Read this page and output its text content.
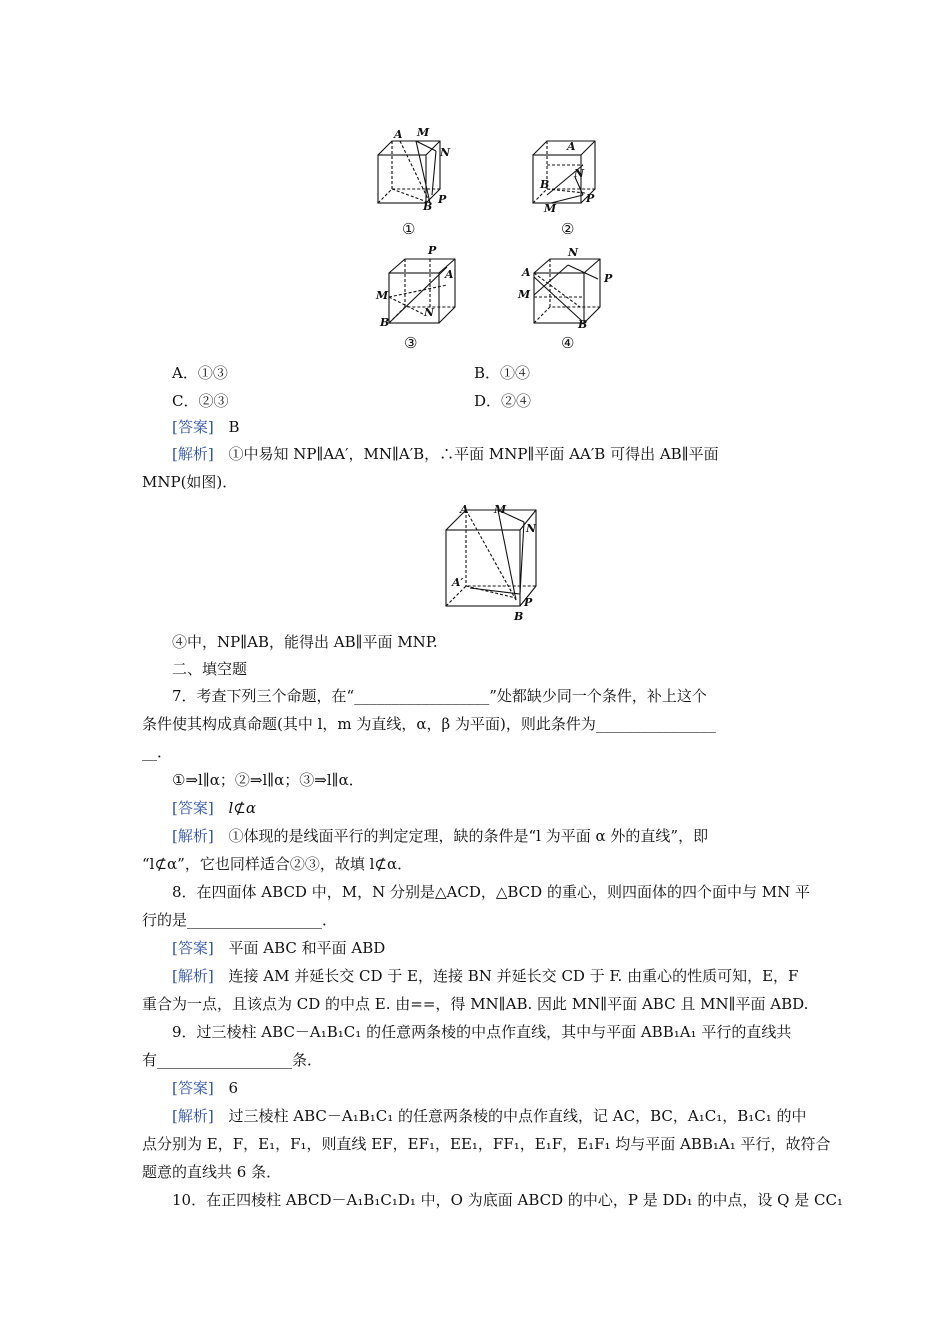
A M
N
B
P
①
A
B
N
M
P
②
P
A
M
B
N
③
N
A	P
M
B
④
A．①③	B．①④
C．②③	D．②④
[答案] B
[解析] ①中易知 NP∥AA′，MN∥A′B，∴平面 MNP∥平面 AA′B 可得出 AB∥平面
MNP(如图)．
A M
N
A′
P
B
④中，NP∥AB，能得出 AB∥平面 MNP.
二、填空题
7．考查下列三个命题，在“__________________”处都缺少同一个条件，补上这个
条件使其构成真命题(其中 l，m 为直线，α，β 为平面)，则此条件为________________
__．
①⇒l∥α；②⇒l∥α；③⇒l∥α．
[答案] l⊄α
[解析] ①体现的是线面平行的判定定理，缺的条件是“l 为平面 α 外的直线”，即
“l⊄α”，它也同样适合②③，故填 l⊄α．
8．在四面体 ABCD 中，M，N 分别是△ACD，△BCD 的重心，则四面体的四个面中与 MN 平
行的是__________________．
[答案] 平面 ABC 和平面 ABD
[解析] 连接 AM 并延长交 CD 于 E，连接 BN 并延长交 CD 于 F. 由重心的性质可知，E，F
重合为一点，且该点为 CD 的中点 E. 由==，得 MN∥AB. 因此 MN∥平面 ABC 且 MN∥平面 ABD.
9．过三棱柱 ABC－A₁B₁C₁ 的任意两条棱的中点作直线，其中与平面 ABB₁A₁ 平行的直线共
有__________________条．
[答案] 6
[解析] 过三棱柱 ABC－A₁B₁C₁ 的任意两条棱的中点作直线，记 AC，BC，A₁C₁，B₁C₁ 的中
点分别为 E，F，E₁，F₁，则直线 EF，EF₁，EE₁，FF₁，E₁F，E₁F₁ 均与平面 ABB₁A₁ 平行，故符合
题意的直线共 6 条．
10．在正四棱柱 ABCD－A₁B₁C₁D₁ 中，O 为底面 ABCD 的中心，P 是 DD₁ 的中点，设 Q 是 CC₁
